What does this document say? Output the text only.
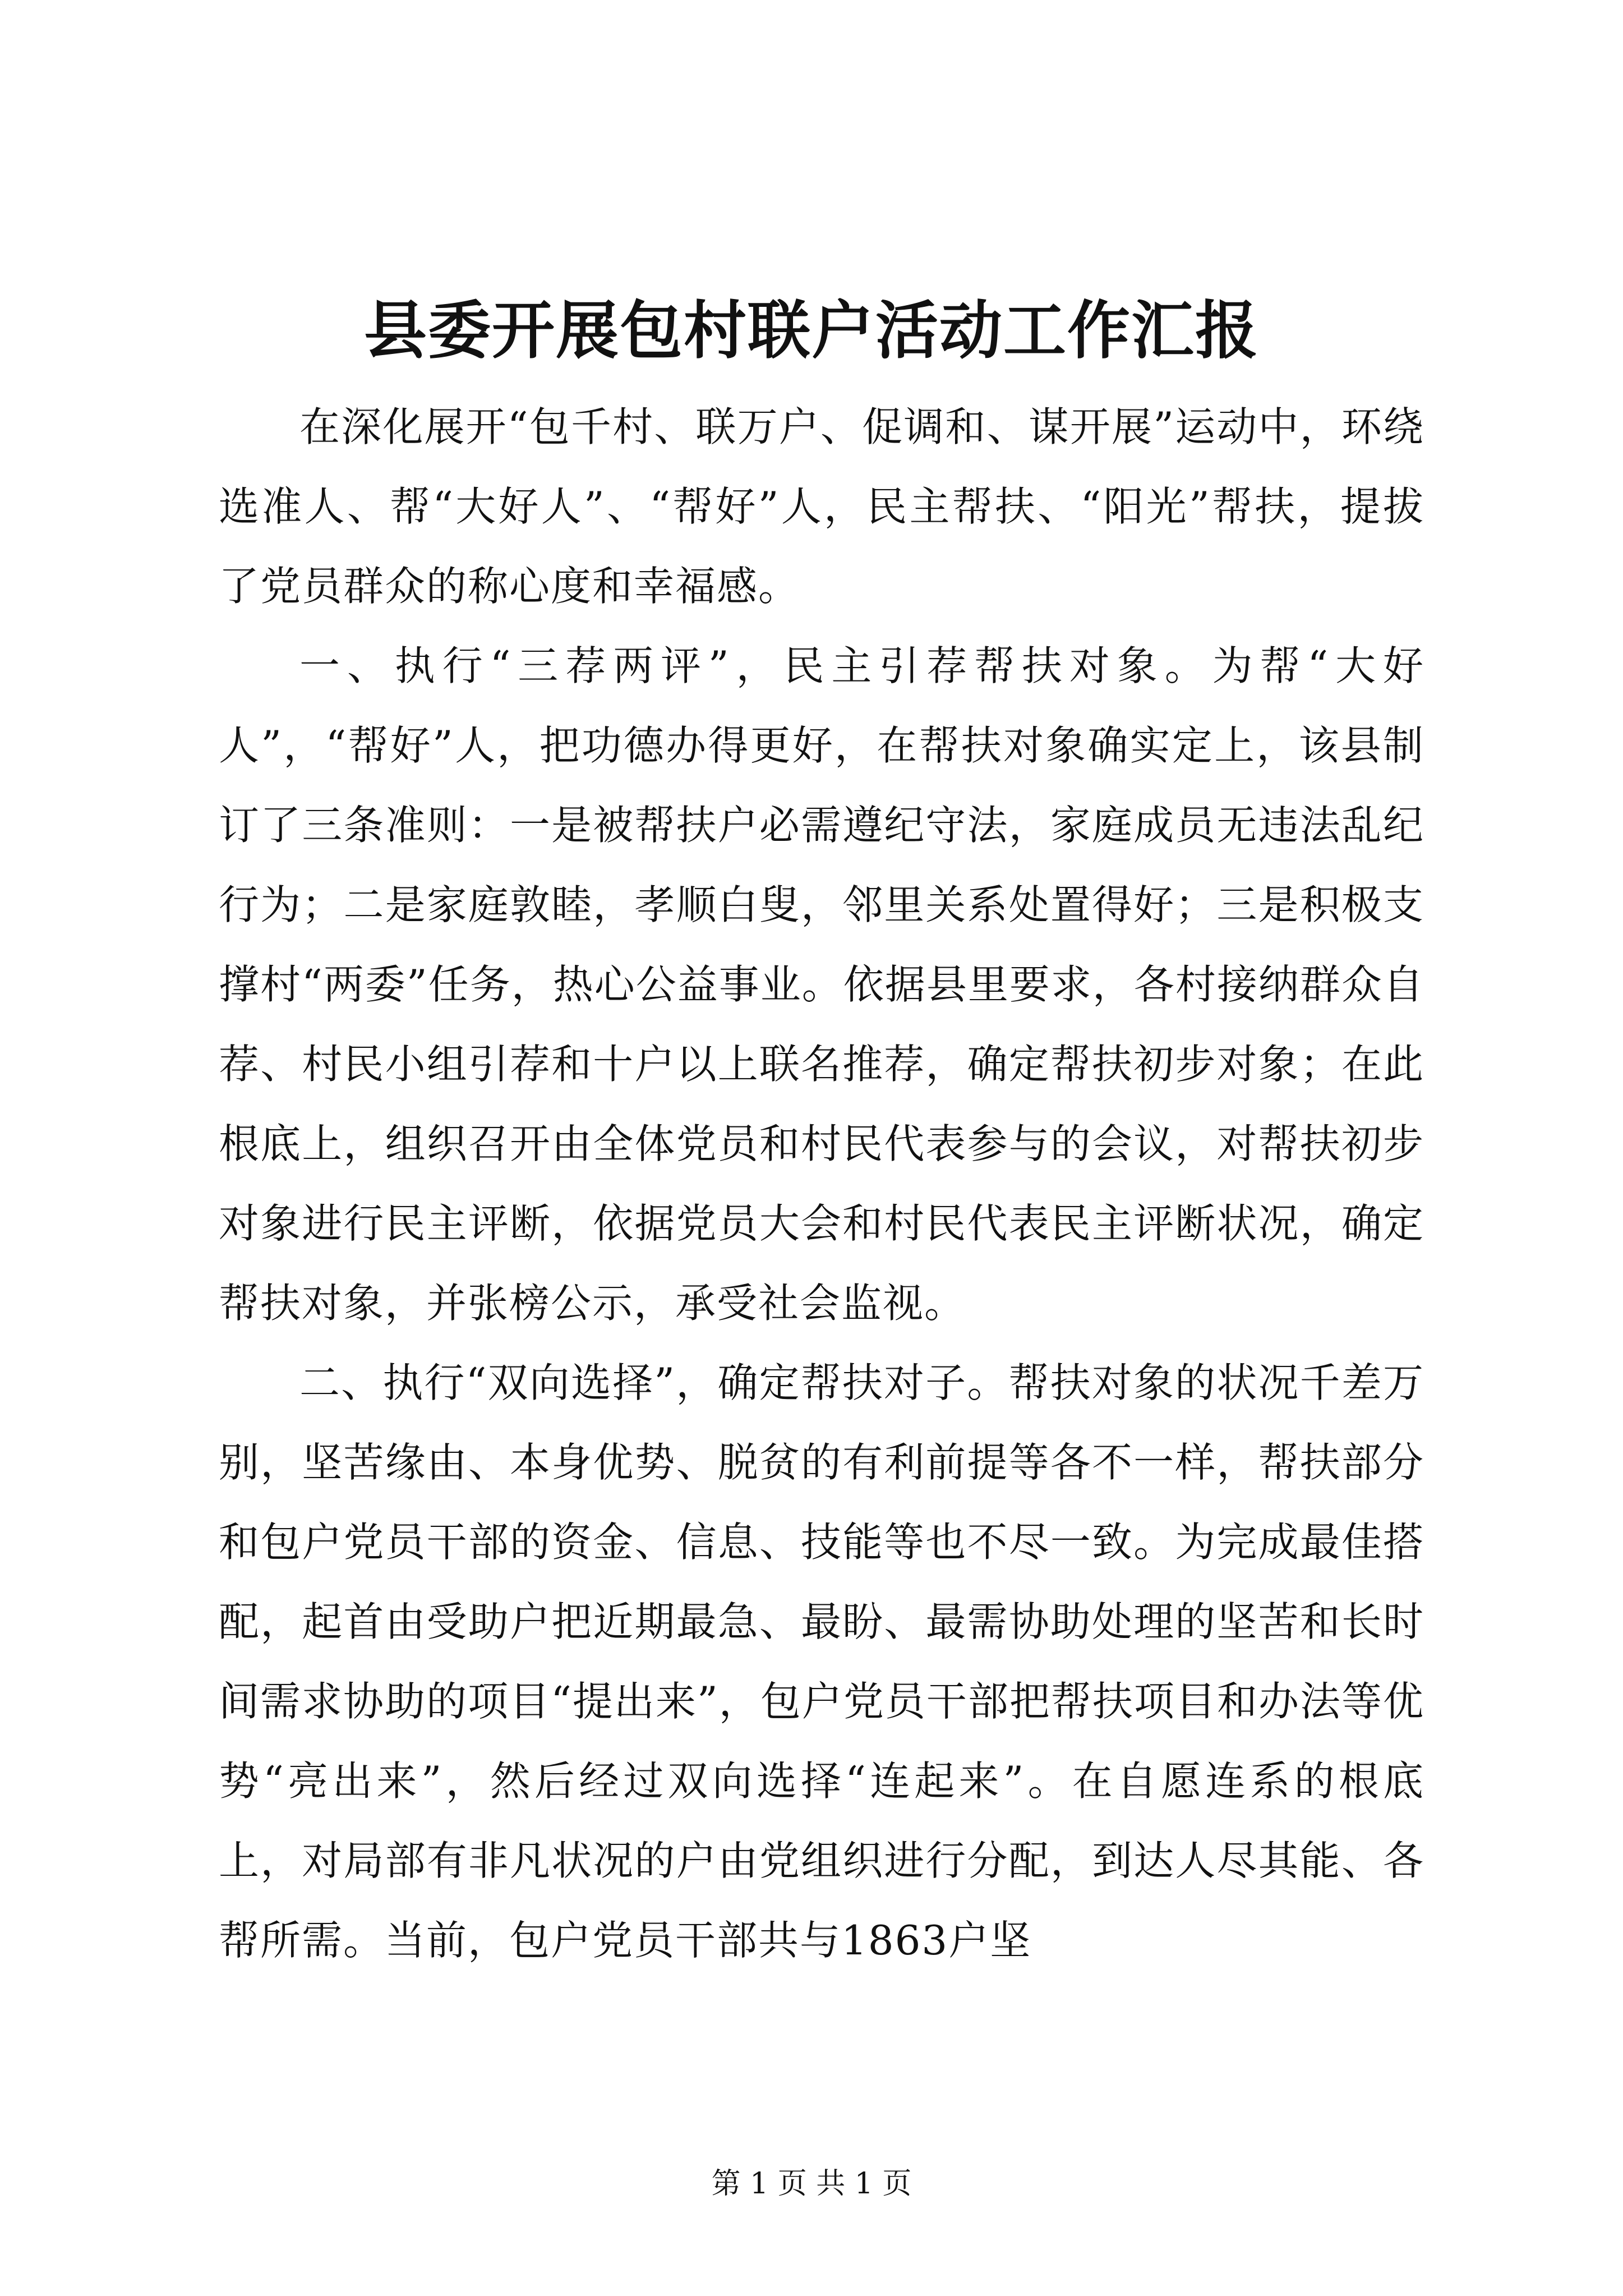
县委开展包村联户活动工作汇报

在深化展开“包千村、联万户、促调和、谋开展”运动中，环绕选准人、帮“大好人”、“帮好”人，民主帮扶、“阳光”帮扶，提拔了党员群众的称心度和幸福感。

一、执行“三荐两评”，民主引荐帮扶对象。为帮“大好人”，“帮好”人，把功德办得更好，在帮扶对象确实定上，该县制订了三条准则：一是被帮扶户必需遵纪守法，家庭成员无违法乱纪行为；二是家庭敦睦，孝顺白叟，邻里关系处置得好；三是积极支撑村“两委”任务，热心公益事业。依据县里要求，各村接纳群众自荐、村民小组引荐和十户以上联名推荐，确定帮扶初步对象；在此根底上，组织召开由全体党员和村民代表参与的会议，对帮扶初步对象进行民主评断，依据党员大会和村民代表民主评断状况，确定帮扶对象，并张榜公示，承受社会监视。

二、执行“双向选择”，确定帮扶对子。帮扶对象的状况千差万别，坚苦缘由、本身优势、脱贫的有利前提等各不一样，帮扶部分和包户党员干部的资金、信息、技能等也不尽一致。为完成最佳搭配，起首由受助户把近期最急、最盼、最需协助处理的坚苦和长时间需求协助的项目“提出来”，包户党员干部把帮扶项目和办法等优势“亮出来”，然后经过双向选择“连起来”。在自愿连系的根底上，对局部有非凡状况的户由党组织进行分配，到达人尽其能、各帮所需。当前，包户党员干部共与1863户坚

第 1 页 共 1 页
